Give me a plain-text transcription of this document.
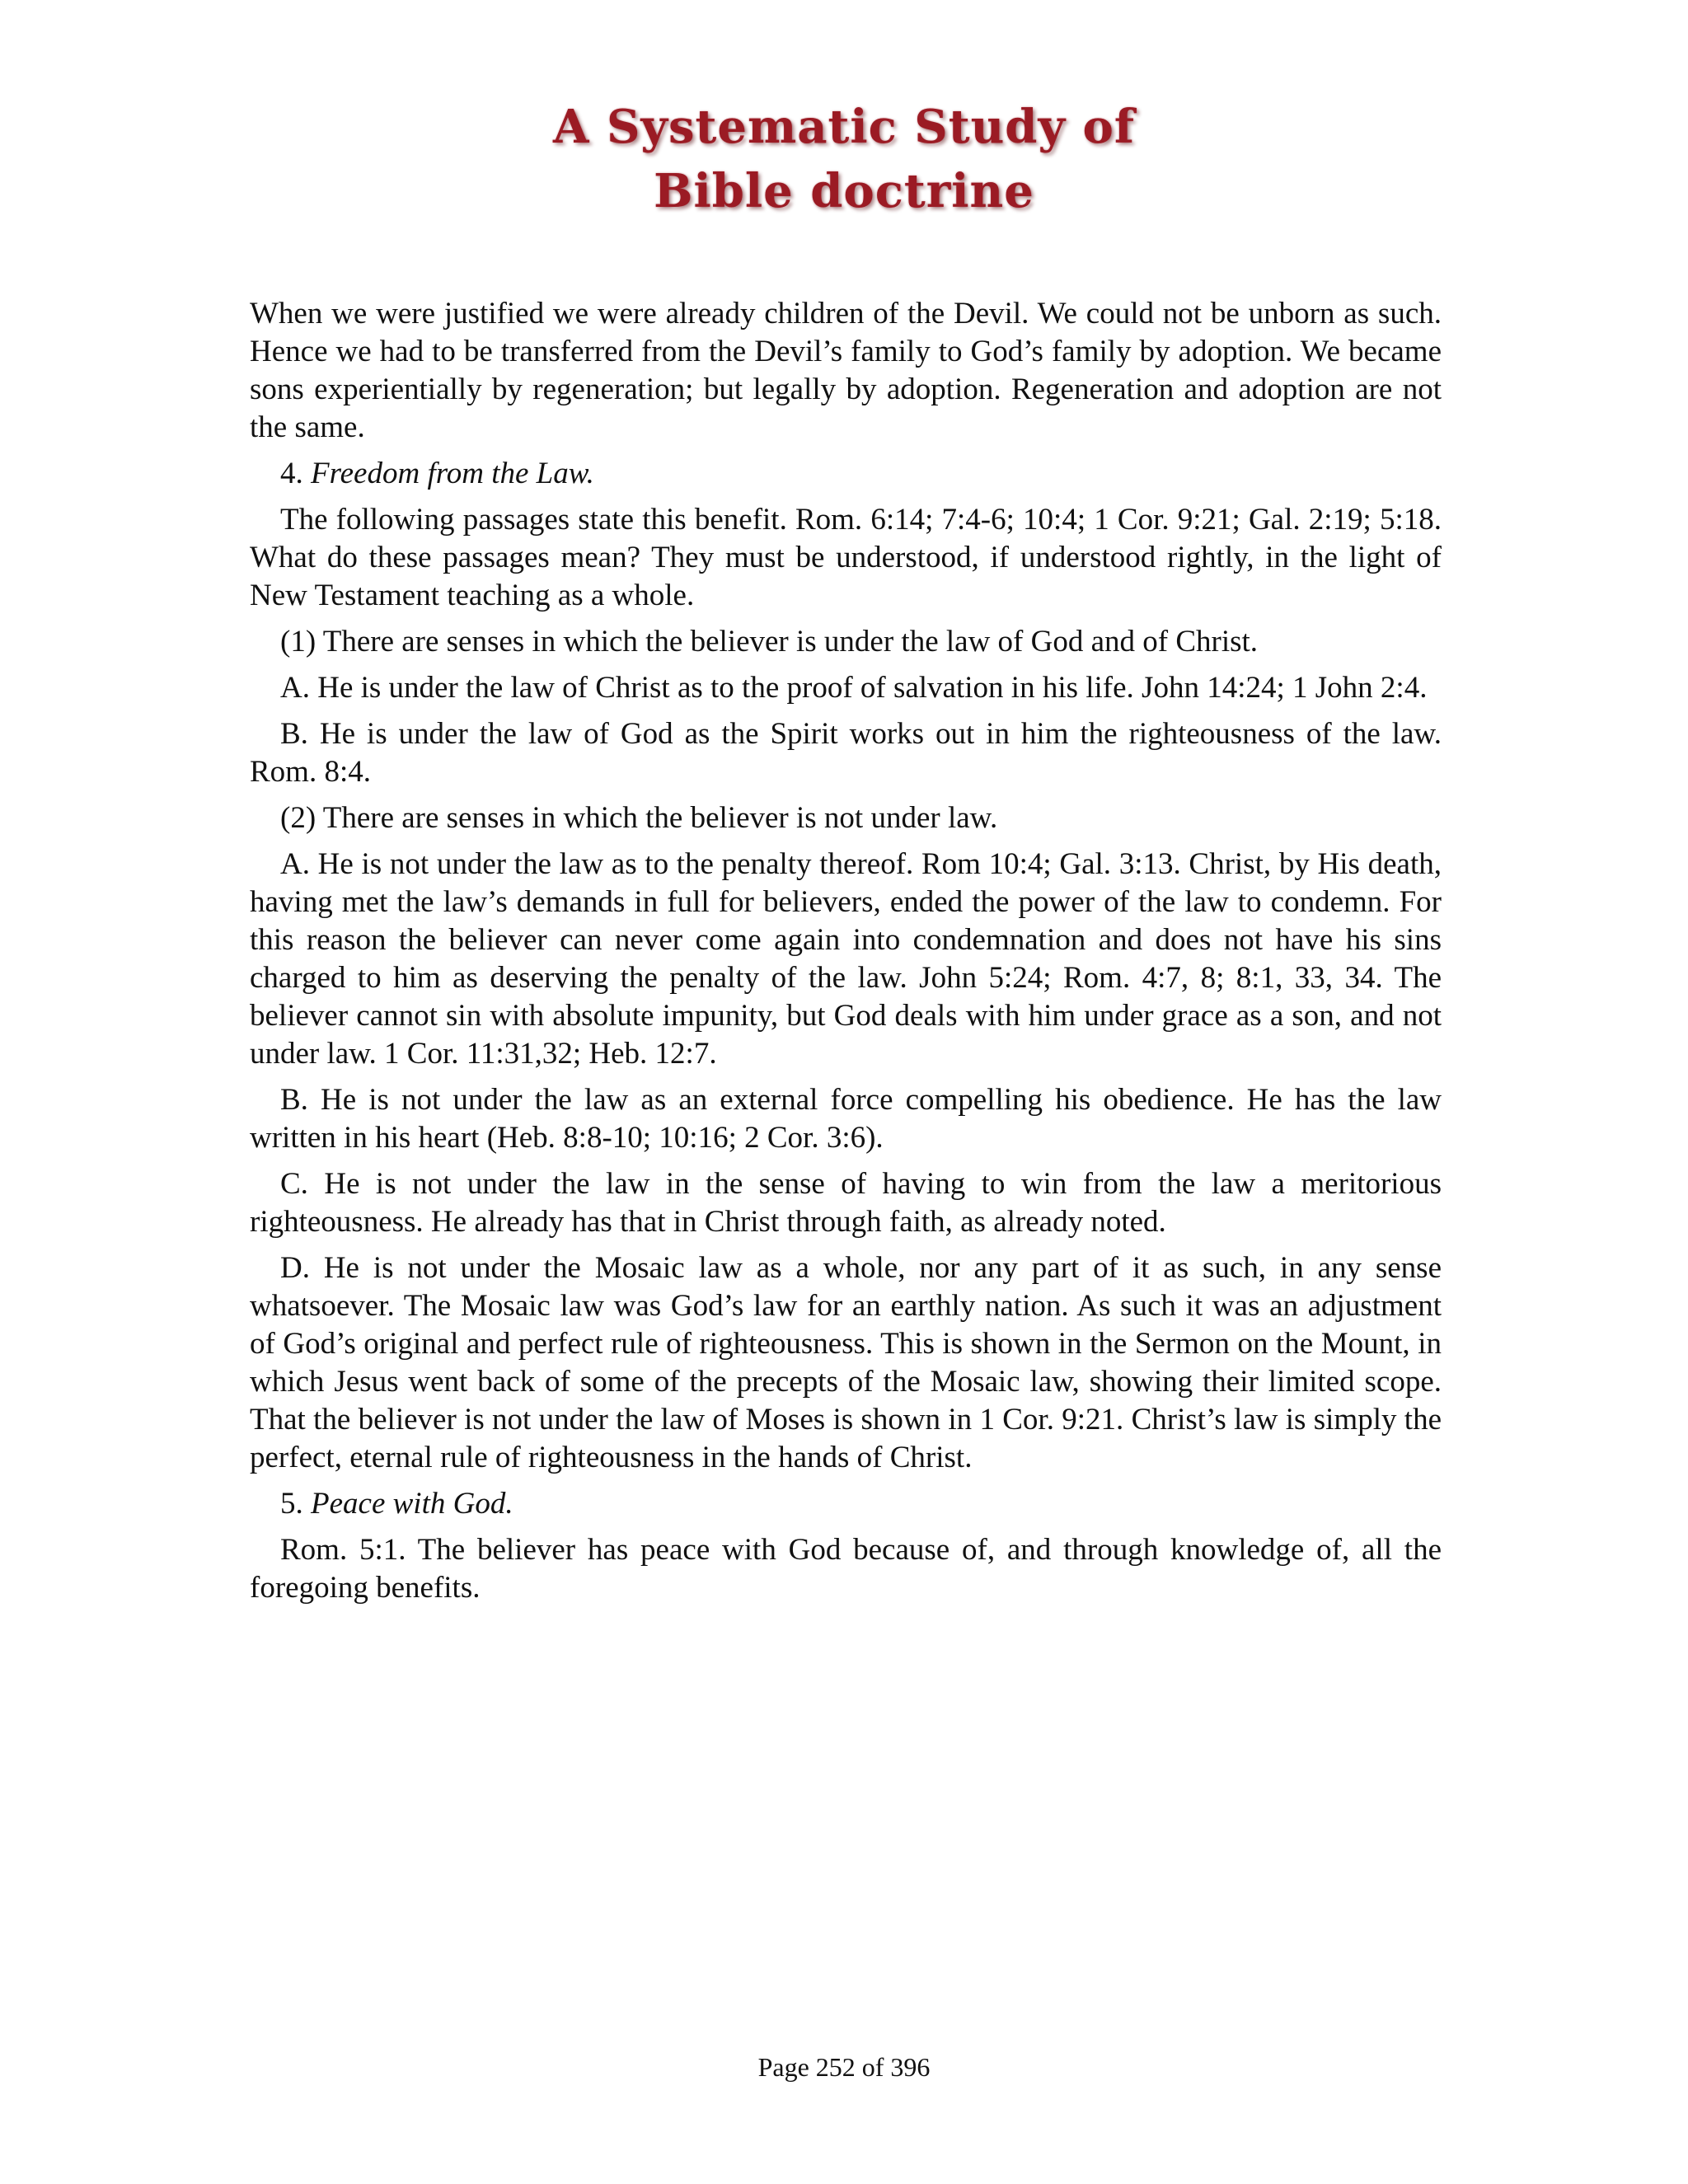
A Systematic Study of
Bible doctrine

When we were justified we were already children of the Devil. We could not be unborn as such. Hence we had to be transferred from the Devil’s family to God’s family by adoption. We became sons experientially by regeneration; but legally by adoption. Regeneration and adoption are not the same.

4. Freedom from the Law.

The following passages state this benefit. Rom. 6:14; 7:4-6; 10:4; 1 Cor. 9:21; Gal. 2:19; 5:18. What do these passages mean? They must be understood, if understood rightly, in the light of New Testament teaching as a whole.

(1) There are senses in which the believer is under the law of God and of Christ.

A. He is under the law of Christ as to the proof of salvation in his life. John 14:24; 1 John 2:4.

B. He is under the law of God as the Spirit works out in him the righteousness of the law. Rom. 8:4.

(2) There are senses in which the believer is not under law.

A. He is not under the law as to the penalty thereof. Rom 10:4; Gal. 3:13. Christ, by His death, having met the law’s demands in full for believers, ended the power of the law to condemn. For this reason the believer can never come again into condemnation and does not have his sins charged to him as deserving the penalty of the law. John 5:24; Rom. 4:7, 8; 8:1, 33, 34. The believer cannot sin with absolute impunity, but God deals with him under grace as a son, and not under law. 1 Cor. 11:31,32; Heb. 12:7.

B. He is not under the law as an external force compelling his obedience. He has the law written in his heart (Heb. 8:8-10; 10:16; 2 Cor. 3:6).

C. He is not under the law in the sense of having to win from the law a meritorious righteousness. He already has that in Christ through faith, as already noted.

D. He is not under the Mosaic law as a whole, nor any part of it as such, in any sense whatsoever. The Mosaic law was God’s law for an earthly nation. As such it was an adjustment of God’s original and perfect rule of righteousness. This is shown in the Sermon on the Mount, in which Jesus went back of some of the precepts of the Mosaic law, showing their limited scope. That the believer is not under the law of Moses is shown in 1 Cor. 9:21. Christ’s law is simply the perfect, eternal rule of righteousness in the hands of Christ.

5. Peace with God.

Rom. 5:1. The believer has peace with God because of, and through knowledge of, all the foregoing benefits.

Page 252 of 396
